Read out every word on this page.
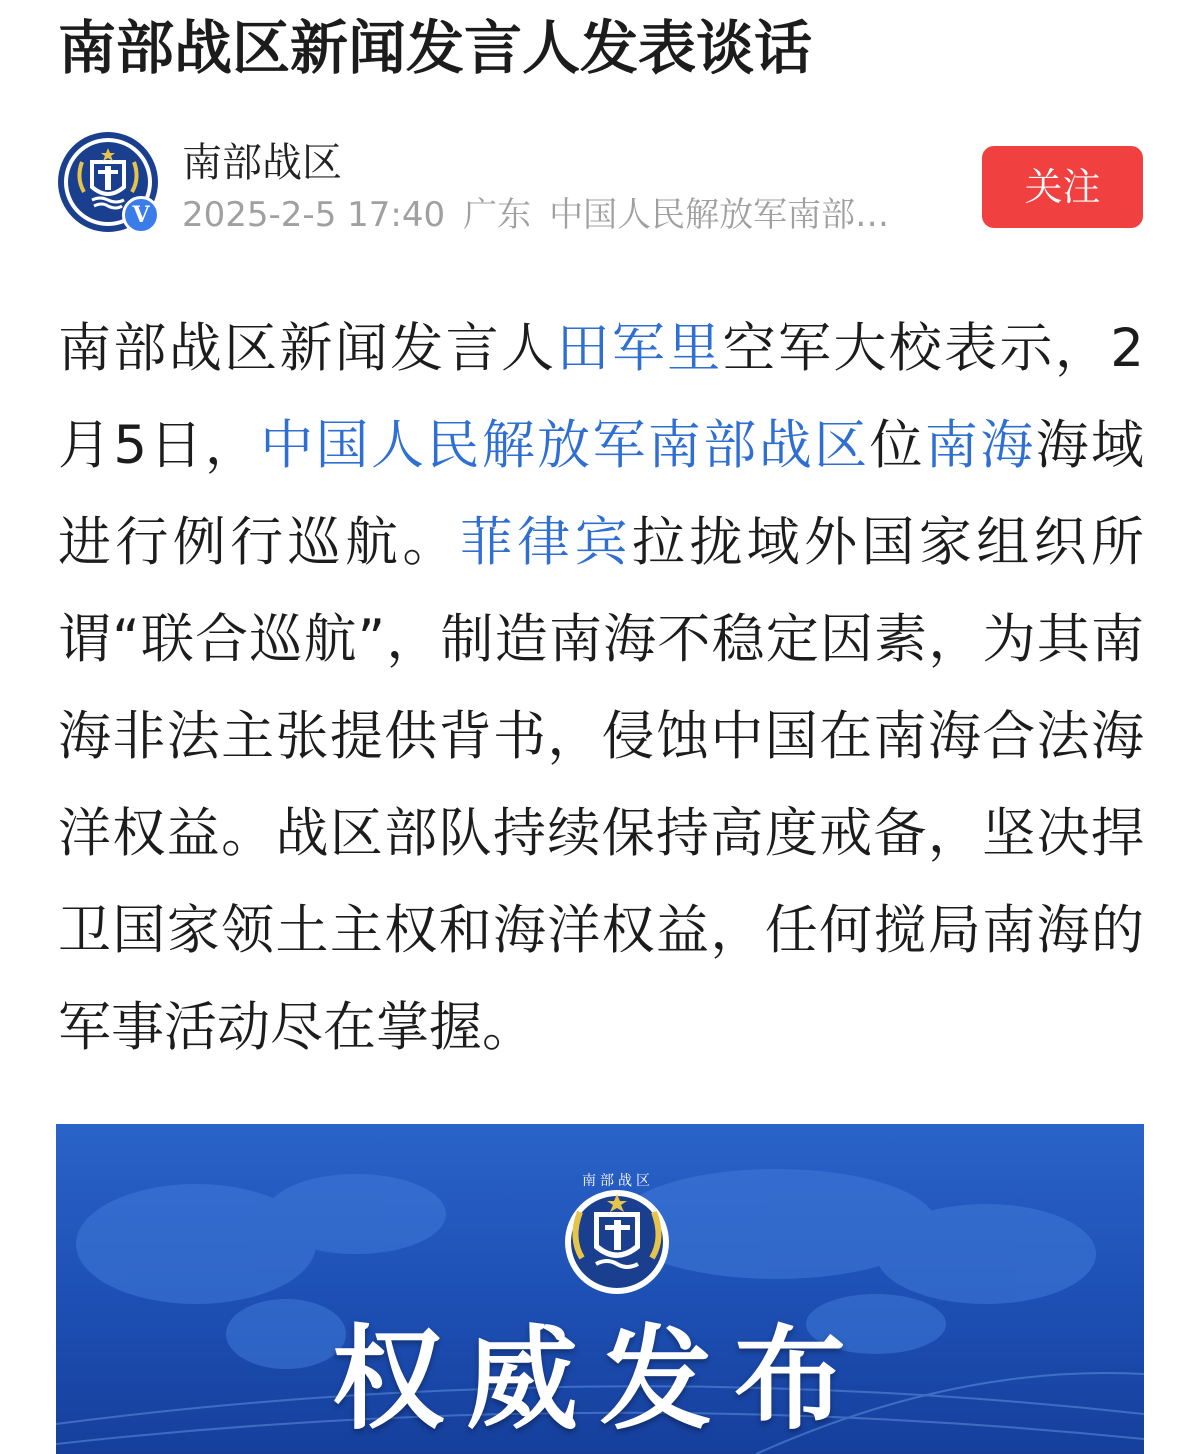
南部战区新闻发言人发表谈话
V
南部战区
2025-2-5 17:40 广东 中国人民解放军南部…
关注

南部战区新闻发言人田军里空军大校表示，2月5日，中国人民解放军南部战区位南海海域进行例行巡航。菲律宾拉拢域外国家组织所谓“联合巡航”，制造南海不稳定因素，为其南海非法主张提供背书，侵蚀中国在南海合法海洋权益。战区部队持续保持高度戒备，坚决捍卫国家领土主权和海洋权益，任何搅局南海的军事活动尽在掌握。

南部战区
权威发布
